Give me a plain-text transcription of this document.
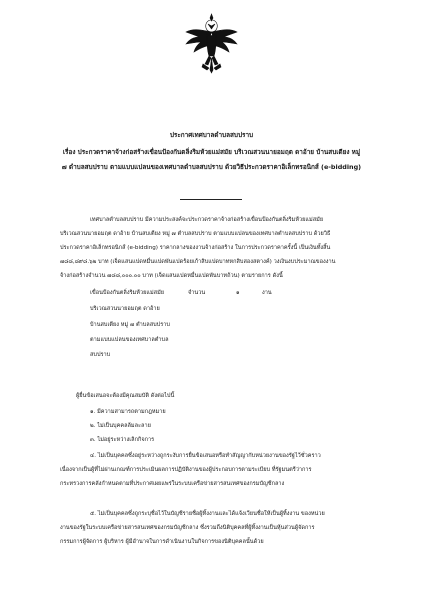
ประกาศเทศบาลตำบลสบปราบ
เรื่อง ประกวดราคาจ้างก่อสร้างเขื่อนป้องกันตลิ่งริมห้วยแม่สมัย บริเวณสวนนายอมฤต ดาอ้าย บ้านสบเตียง หมู่
๗ ตำบลสบปราบ ตามแบบแปลนของเทศบาลตำบลสบปราบ ด้วยวิธีประกวดราคาอิเล็กทรอนิกส์ (e-bidding)
เทศบาลตำบลสบปราบ มีความประสงค์จะประกวดราคาจ้างก่อสร้างเขื่อนป้องกันตลิ่งริมห้วยแม่สมัย
บริเวณสวนนายอมฤต ดาอ้าย บ้านสบเตียง หมู่ ๗ ตำบลสบปราบ ตามแบบแปลนของเทศบาลตำบลสบปราบ ด้วยวิธี
ประกวดราคาอิเล็กทรอนิกส์ (e-bidding) ราคากลางของงานจ้างก่อสร้าง ในการประกวดราคาครั้งนี้ เป็นเงินทั้งสิ้น
๗๘๘,๘๙๘.๖๒ บาท (เจ็ดแสนแปดหมื่นแปดพันแปดร้อยเก้าสิบแปดบาทหกสิบสองสตางค์) วงเงินงบประมาณของงาน
จ้างก่อสร้างจำนวน ๗๘๘,๐๐๐.๐๐ บาท (เจ็ดแสนแปดหมื่นแปดพันบาทถ้วน) ตามรายการ ดังนี้
เขื่อนป้องกันตลิ่งริมห้วยแม่สมัย
บริเวณสวนนายอมฤต ดาอ้าย
บ้านสบเตียง หมู่ ๗ ตำบลสบปราบ
ตามแบบแปลนของเทศบาลตำบล
สบปราบ
จำนวน	๑	งาน
ผู้ยื่นข้อเสนอจะต้องมีคุณสมบัติ ดังต่อไปนี้
๑. มีความสามารถตามกฎหมาย
๒. ไม่เป็นบุคคลล้มละลาย
๓. ไม่อยู่ระหว่างเลิกกิจการ
๔. ไม่เป็นบุคคลซึ่งอยู่ระหว่างถูกระงับการยื่นข้อเสนอหรือทำสัญญากับหน่วยงานของรัฐไว้ชั่วคราว
เนื่องจากเป็นผู้ที่ไม่ผ่านเกณฑ์การประเมินผลการปฏิบัติงานของผู้ประกอบการตามระเบียบ ที่รัฐมนตรีว่าการ
กระทรวงการคลังกำหนดตามที่ประกาศเผยแพร่ในระบบเครือข่ายสารสนเทศของกรมบัญชีกลาง
๕. ไม่เป็นบุคคลซึ่งถูกระบุชื่อไว้ในบัญชีรายชื่อผู้ทิ้งงานและได้แจ้งเวียนชื่อให้เป็นผู้ทิ้งงาน ของหน่วย
งานของรัฐในระบบเครือข่ายสารสนเทศของกรมบัญชีกลาง ซึ่งรวมถึงนิติบุคคลที่ผู้ทิ้งงานเป็นหุ้นส่วนผู้จัดการ
กรรมการผู้จัดการ ผู้บริหาร ผู้มีอำนาจในการดำเนินงานในกิจการของนิติบุคคลนั้นด้วย
